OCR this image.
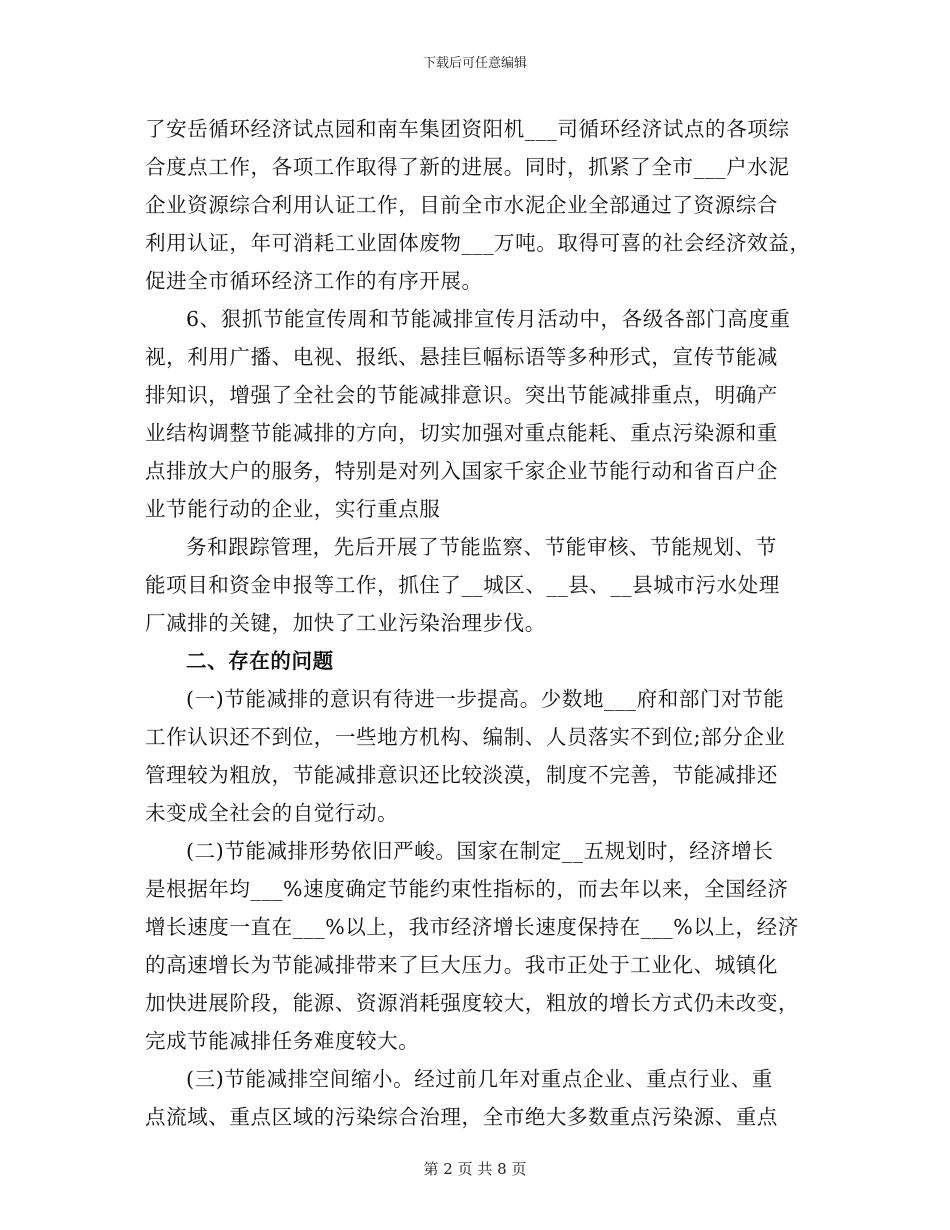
下载后可任意编辑
了安岳循环经济试点园和南车集团资阳机___司循环经济试点的各项综
合度点工作，各项工作取得了新的进展。同时，抓紧了全市___户水泥
企业资源综合利用认证工作，目前全市水泥企业全部通过了资源综合
利用认证，年可消耗工业固体废物___万吨。取得可喜的社会经济效益，
促进全市循环经济工作的有序开展。
6、狠抓节能宣传周和节能减排宣传月活动中，各级各部门高度重
视，利用广播、电视、报纸、悬挂巨幅标语等多种形式，宣传节能减
排知识，增强了全社会的节能减排意识。突出节能减排重点，明确产
业结构调整节能减排的方向，切实加强对重点能耗、重点污染源和重
点排放大户的服务，特别是对列入国家千家企业节能行动和省百户企
业节能行动的企业，实行重点服
务和跟踪管理，先后开展了节能监察、节能审核、节能规划、节
能项目和资金申报等工作，抓住了__城区、__县、__县城市污水处理
厂减排的关键，加快了工业污染治理步伐。
二、存在的问题
(一)节能减排的意识有待进一步提高。少数地___府和部门对节能
工作认识还不到位，一些地方机构、编制、人员落实不到位;部分企业
管理较为粗放，节能减排意识还比较淡漠，制度不完善，节能减排还
未变成全社会的自觉行动。
(二)节能减排形势依旧严峻。国家在制定__五规划时，经济增长
是根据年均___%速度确定节能约束性指标的，而去年以来，全国经济
增长速度一直在___%以上，我市经济增长速度保持在___%以上，经济
的高速增长为节能减排带来了巨大压力。我市正处于工业化、城镇化
加快进展阶段，能源、资源消耗强度较大，粗放的增长方式仍未改变，
完成节能减排任务难度较大。
(三)节能减排空间缩小。经过前几年对重点企业、重点行业、重
点流域、重点区域的污染综合治理，全市绝大多数重点污染源、重点
第 2 页 共 8 页
